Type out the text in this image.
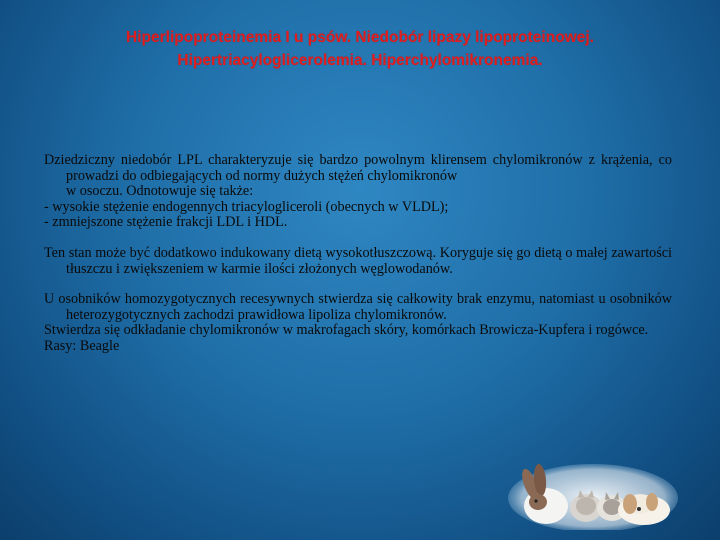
Hiperlipoproteinemia I u psów. Niedobór lipazy lipoproteinowej.
Hipertriacyloglicerolemia. Hiperchylomikronemia.

Dziedziczny niedobór LPL charakteryzuje się bardzo powolnym klirensem chylomikronów z krążenia, co prowadzi do odbiegających od normy dużych stężeń chylomikronów

w osoczu. Odnotowuje się także:

- wysokie stężenie endogennych triacylogliceroli (obecnych w VLDL);

- zmniejszone stężenie frakcji LDL i HDL.

Ten stan może być dodatkowo indukowany dietą wysokotłuszczową. Koryguje się go dietą o małej zawartości tłuszczu i zwiększeniem w karmie ilości złożonych węglowodanów.

U osobników homozygotycznych recesywnych stwierdza się całkowity brak enzymu, natomiast u osobników heterozygotycznych zachodzi prawidłowa lipoliza chylomikronów.

Stwierdza się odkładanie chylomikronów w makrofagach skóry, komórkach Browicza-Kupfera i rogówce.

Rasy: Beagle
